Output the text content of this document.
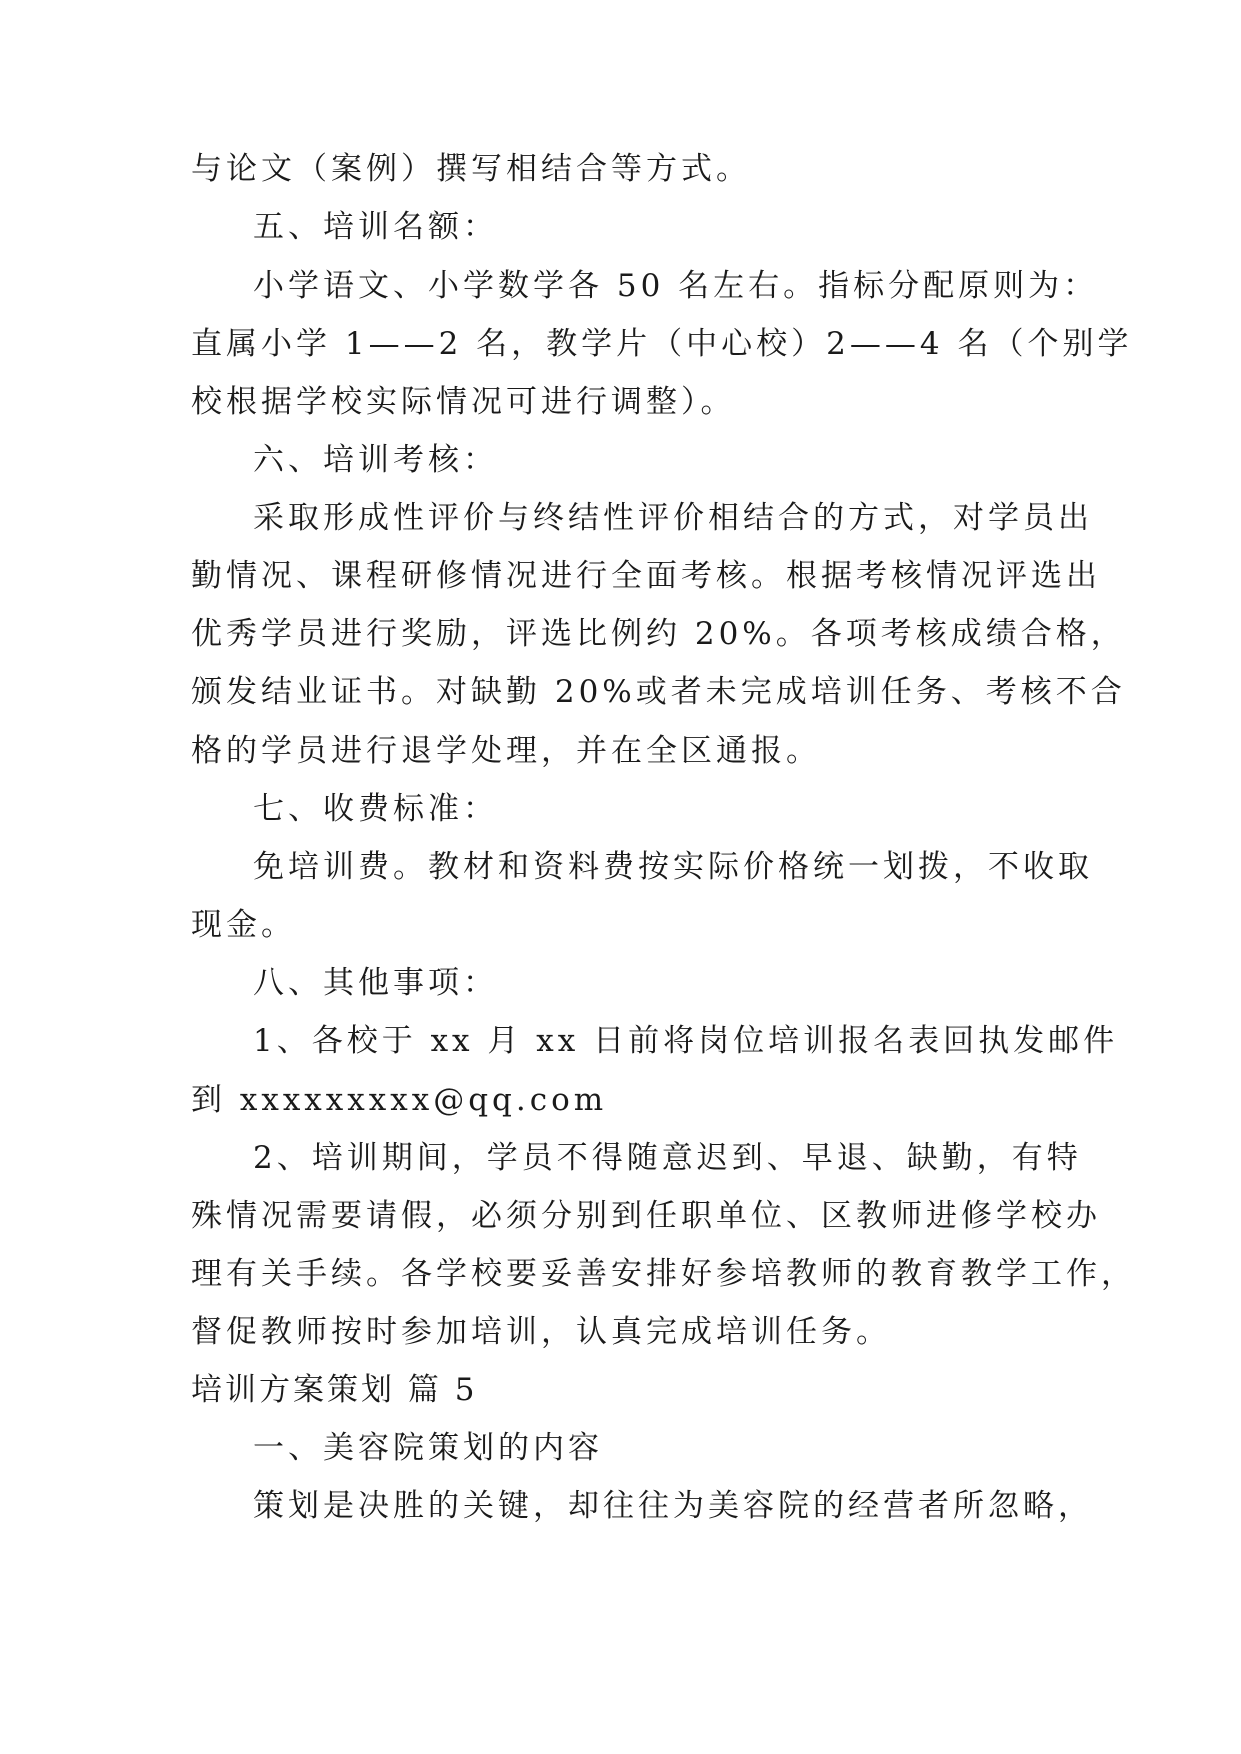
与论文（案例）撰写相结合等方式。
五、培训名额：
小学语文、小学数学各 50 名左右。指标分配原则为：
直属小学 1——2 名，教学片（中心校）2——4 名（个别学
校根据学校实际情况可进行调整）。
六、培训考核：
采取形成性评价与终结性评价相结合的方式，对学员出
勤情况、课程研修情况进行全面考核。根据考核情况评选出
优秀学员进行奖励，评选比例约 20%。各项考核成绩合格，
颁发结业证书。对缺勤 20%或者未完成培训任务、考核不合
格的学员进行退学处理，并在全区通报。
七、收费标准：
免培训费。教材和资料费按实际价格统一划拨，不收取
现金。
八、其他事项：
1、各校于 xx 月 xx 日前将岗位培训报名表回执发邮件
到 xxxxxxxxx@qq.com
2、培训期间，学员不得随意迟到、早退、缺勤，有特
殊情况需要请假，必须分别到任职单位、区教师进修学校办
理有关手续。各学校要妥善安排好参培教师的教育教学工作，
督促教师按时参加培训，认真完成培训任务。
培训方案策划 篇 5
一、美容院策划的内容
策划是决胜的关键，却往往为美容院的经营者所忽略，
